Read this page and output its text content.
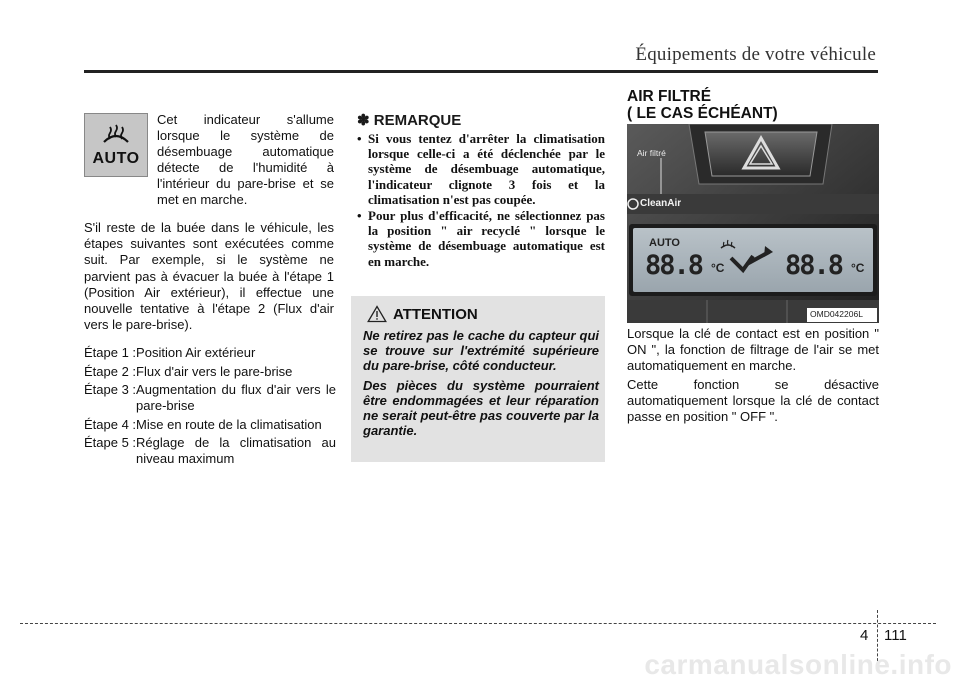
Équipements de votre véhicule
AUTO
Cet indicateur s'allume lorsque le système de désembuage automatique détecte de l'humidité à l'intérieur du pare-brise et se met en marche.
S'il reste de la buée dans le véhicule, les étapes suivantes sont exécutées comme suit. Par exemple, si le système ne parvient pas à évacuer la buée à l'étape 1 (Position Air extérieur), il effectue une nouvelle tentative à l'étape 2 (Flux d'air vers le pare-brise).
Étape 1 : Position Air extérieur
Étape 2 : Flux d'air vers le pare-brise
Étape 3 : Augmentation du flux d'air vers le pare-brise
Étape 4 : Mise en route de la climatisation
Étape 5 : Réglage de la climatisation au niveau maximum
✽ REMARQUE
• Si vous tentez d'arrêter la climatisation lorsque celle-ci a été déclenchée par le système de désembuage automatique, l'indicateur clignote 3 fois et la climatisation n'est pas coupée.
• Pour plus d'efficacité, ne sélectionnez pas la position " air recyclé " lorsque le système de désembuage automatique est en marche.
ATTENTION

Ne retirez pas le cache du capteur qui se trouve sur l'extrémité supérieure du pare-brise, côté conducteur.

Des pièces du système pourraient être endommagées et leur réparation ne serait peut-être pas couverte par la garantie.

AIR FILTRÉ
( LE CAS ÉCHÉANT)
Air filtré
CleanAir
AUTO
88.8 °C 88.8 °C
OMD042206L

Lorsque la clé de contact est en position " ON ", la fonction de filtrage de l'air se met automatiquement en marche.

Cette fonction se désactive automatiquement lorsque la clé de contact passe en position " OFF ".

4 111
carmanualsonline.info
